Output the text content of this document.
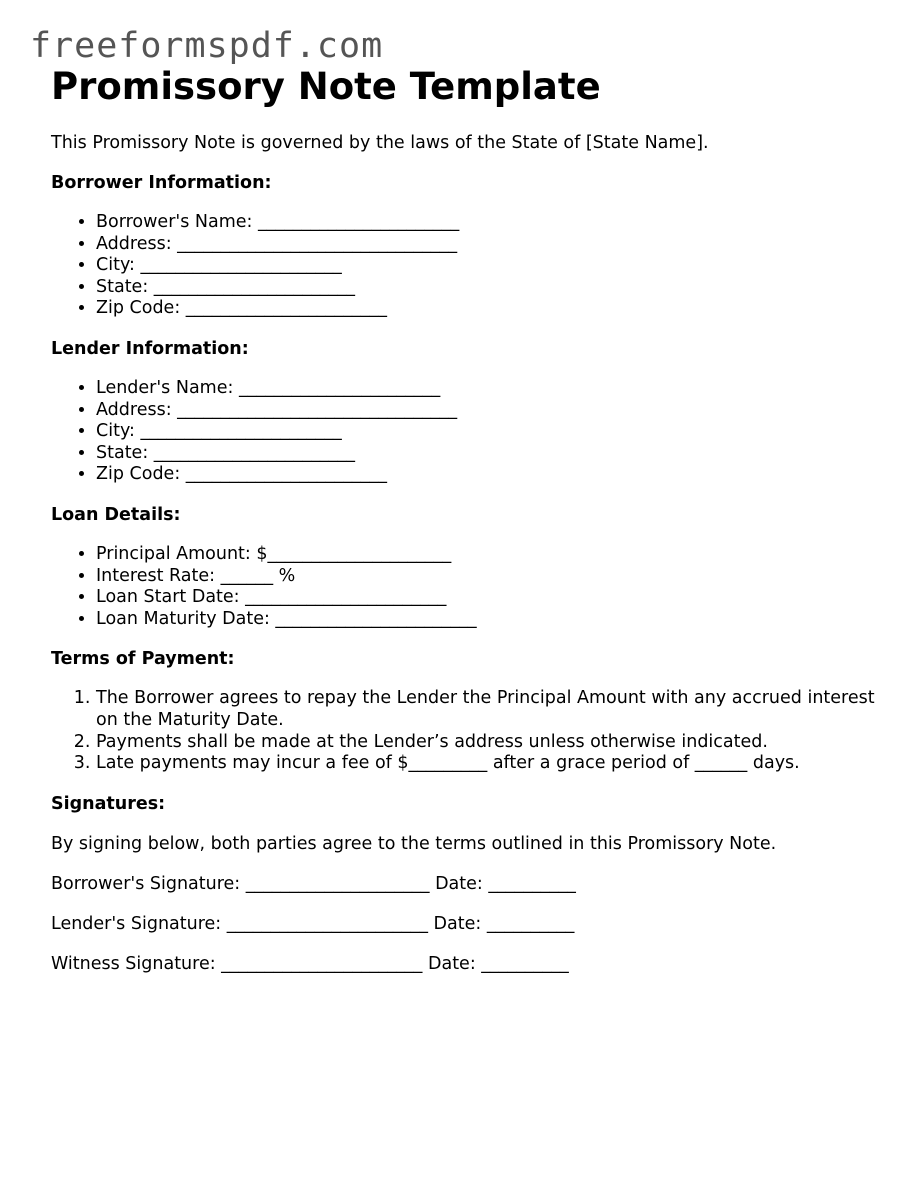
freeformspdf.com
Promissory Note Template

This Promissory Note is governed by the laws of the State of [State Name].

Borrower Information:

• Borrower's Name: _______________________
• Address: ________________________________
• City: _______________________
• State: _______________________
• Zip Code: _______________________

Lender Information:

• Lender's Name: _______________________
• Address: ________________________________
• City: _______________________
• State: _______________________
• Zip Code: _______________________

Loan Details:

• Principal Amount: $_____________________
• Interest Rate: ______ %
• Loan Start Date: _______________________
• Loan Maturity Date: _______________________

Terms of Payment:

1. The Borrower agrees to repay the Lender the Principal Amount with any accrued interest on the Maturity Date.
2. Payments shall be made at the Lender’s address unless otherwise indicated.
3. Late payments may incur a fee of $_________ after a grace period of ______ days.

Signatures:

By signing below, both parties agree to the terms outlined in this Promissory Note.

Borrower's Signature: _____________________ Date: __________

Lender's Signature: _______________________ Date: __________

Witness Signature: _______________________ Date: __________
